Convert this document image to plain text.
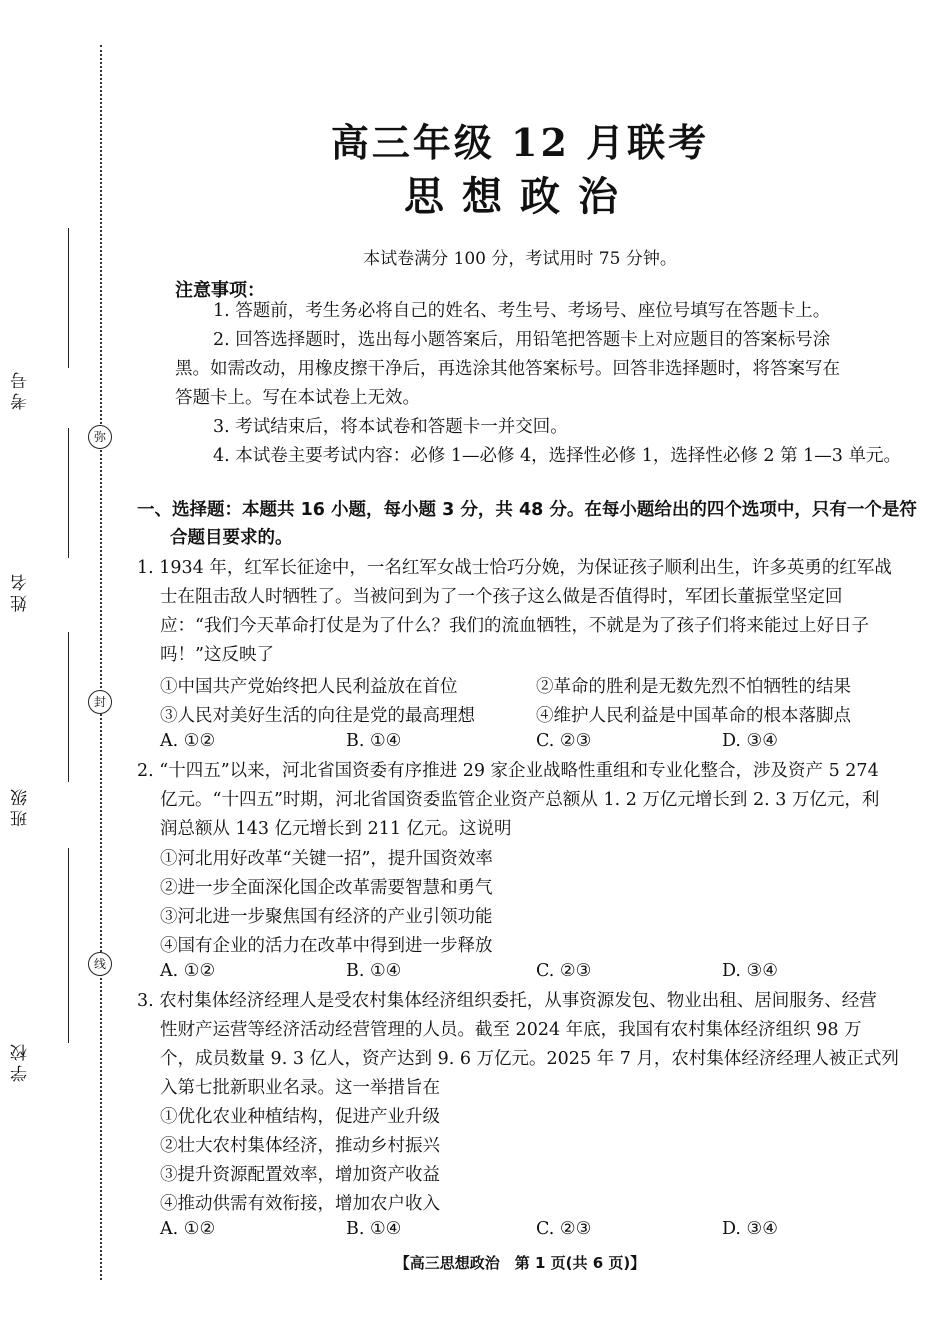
考号
姓名
班级
学校
弥
封
线
高三年级 12 月联考
思想政治
本试卷满分 100 分，考试用时 75 分钟。
注意事项：
1. 答题前，考生务必将自己的姓名、考生号、考场号、座位号填写在答题卡上。
2. 回答选择题时，选出每小题答案后，用铅笔把答题卡上对应题目的答案标号涂
黑。如需改动，用橡皮擦干净后，再选涂其他答案标号。回答非选择题时，将答案写在
答题卡上。写在本试卷上无效。
3. 考试结束后，将本试卷和答题卡一并交回。
4. 本试卷主要考试内容：必修 1—必修 4，选择性必修 1，选择性必修 2 第 1—3 单元。
一、选择题：本题共 16 小题，每小题 3 分，共 48 分。在每小题给出的四个选项中，只有一个是符
合题目要求的。
1. 1934 年，红军长征途中，一名红军女战士恰巧分娩，为保证孩子顺利出生，许多英勇的红军战
士在阻击敌人时牺牲了。当被问到为了一个孩子这么做是否值得时，军团长董振堂坚定回
应：“我们今天革命打仗是为了什么？我们的流血牺牲，不就是为了孩子们将来能过上好日子
吗！”这反映了
①中国共产党始终把人民利益放在首位	②革命的胜利是无数先烈不怕牺牲的结果
③人民对美好生活的向往是党的最高理想	④维护人民利益是中国革命的根本落脚点
A. ①②	B. ①④	C. ②③	D. ③④
2. “十四五”以来，河北省国资委有序推进 29 家企业战略性重组和专业化整合，涉及资产 5 274
亿元。“十四五”时期，河北省国资委监管企业资产总额从 1. 2 万亿元增长到 2. 3 万亿元，利
润总额从 143 亿元增长到 211 亿元。这说明
①河北用好改革“关键一招”，提升国资效率
②进一步全面深化国企改革需要智慧和勇气
③河北进一步聚焦国有经济的产业引领功能
④国有企业的活力在改革中得到进一步释放
A. ①②	B. ①④	C. ②③	D. ③④
3. 农村集体经济经理人是受农村集体经济组织委托，从事资源发包、物业出租、居间服务、经营
性财产运营等经济活动经营管理的人员。截至 2024 年底，我国有农村集体经济组织 98 万
个，成员数量 9. 3 亿人，资产达到 9. 6 万亿元。2025 年 7 月，农村集体经济经理人被正式列
入第七批新职业名录。这一举措旨在
①优化农业种植结构，促进产业升级
②壮大农村集体经济，推动乡村振兴
③提升资源配置效率，增加资产收益
④推动供需有效衔接，增加农户收入
A. ①②	B. ①④	C. ②③	D. ③④
【高三思想政治　第 1 页(共 6 页)】
